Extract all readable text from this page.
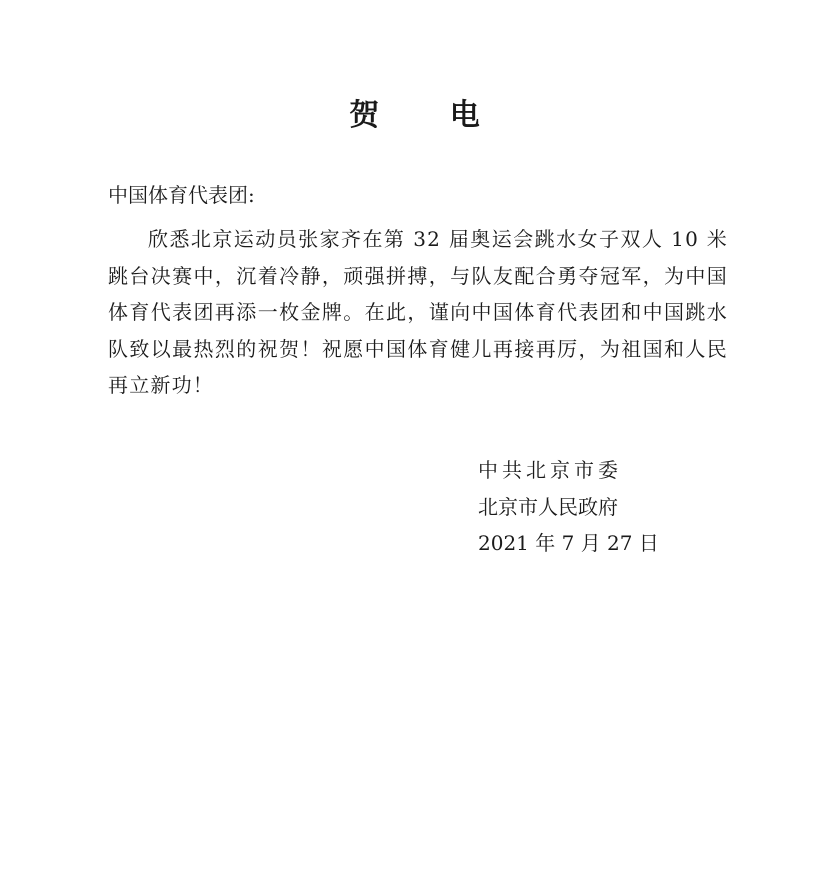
贺 电
中国体育代表团:

欣悉北京运动员张家齐在第 32 届奥运会跳水女子双人 10 米跳台决赛中，沉着冷静，顽强拼搏，与队友配合勇夺冠军，为中国体育代表团再添一枚金牌。在此，谨向中国体育代表团和中国跳水队致以最热烈的祝贺！祝愿中国体育健儿再接再厉，为祖国和人民再立新功！

中共北京市委
北京市人民政府
2021 年 7 月 27 日
